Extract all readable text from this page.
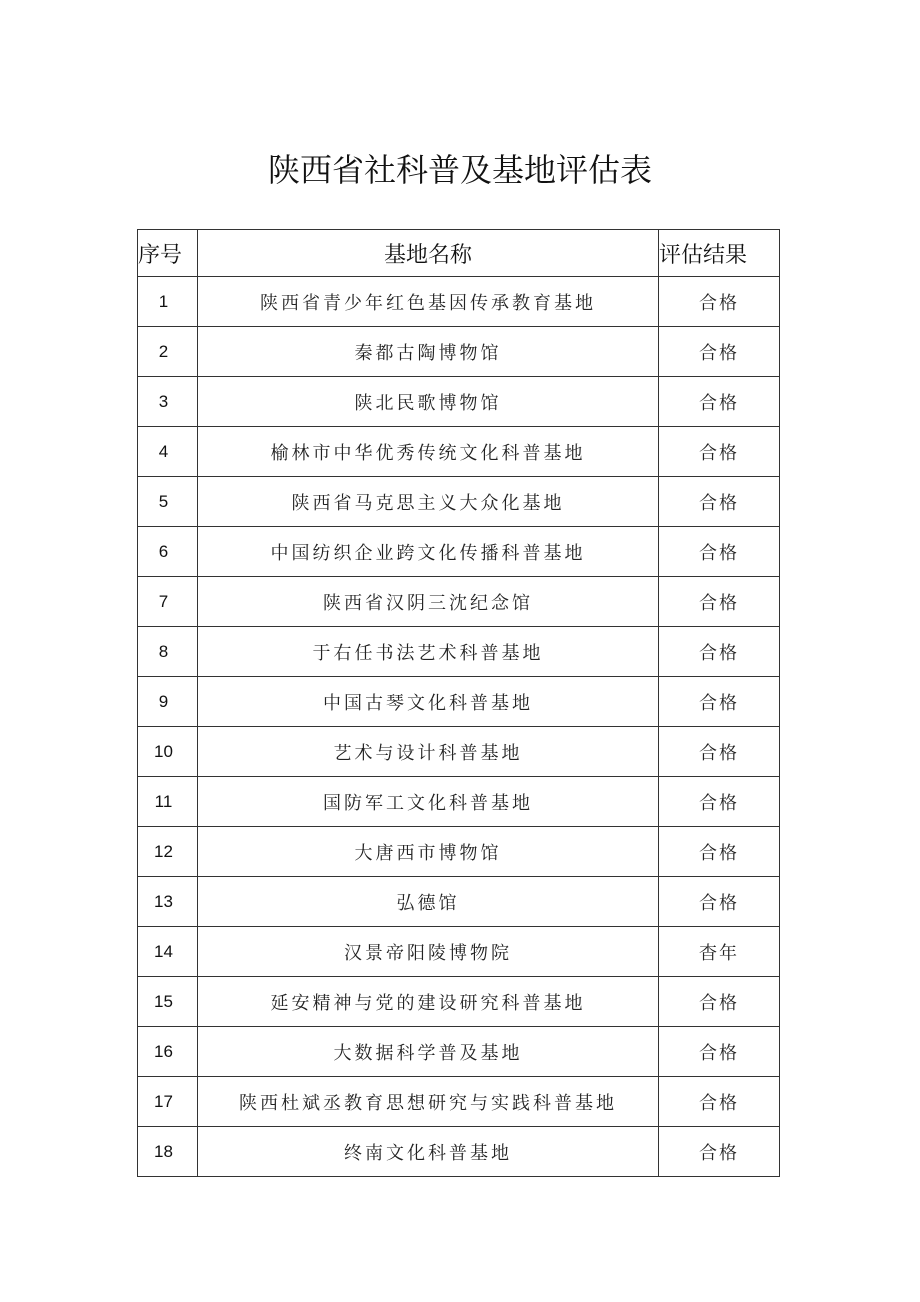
陕西省社科普及基地评估表
序号	基地名称	评估结果
1	陕西省青少年红色基因传承教育基地	合格
2	秦都古陶博物馆	合格
3	陕北民歌博物馆	合格
4	榆林市中华优秀传统文化科普基地	合格
5	陕西省马克思主义大众化基地	合格
6	中国纺织企业跨文化传播科普基地	合格
7	陕西省汉阴三沈纪念馆	合格
8	于右任书法艺术科普基地	合格
9	中国古琴文化科普基地	合格
10	艺术与设计科普基地	合格
11	国防军工文化科普基地	合格
12	大唐西市博物馆	合格
13	弘德馆	合格
14	汉景帝阳陵博物院	杳年
15	延安精神与党的建设研究科普基地	合格
16	大数据科学普及基地	合格
17	陕西杜斌丞教育思想研究与实践科普基地	合格
18	终南文化科普基地	合格
